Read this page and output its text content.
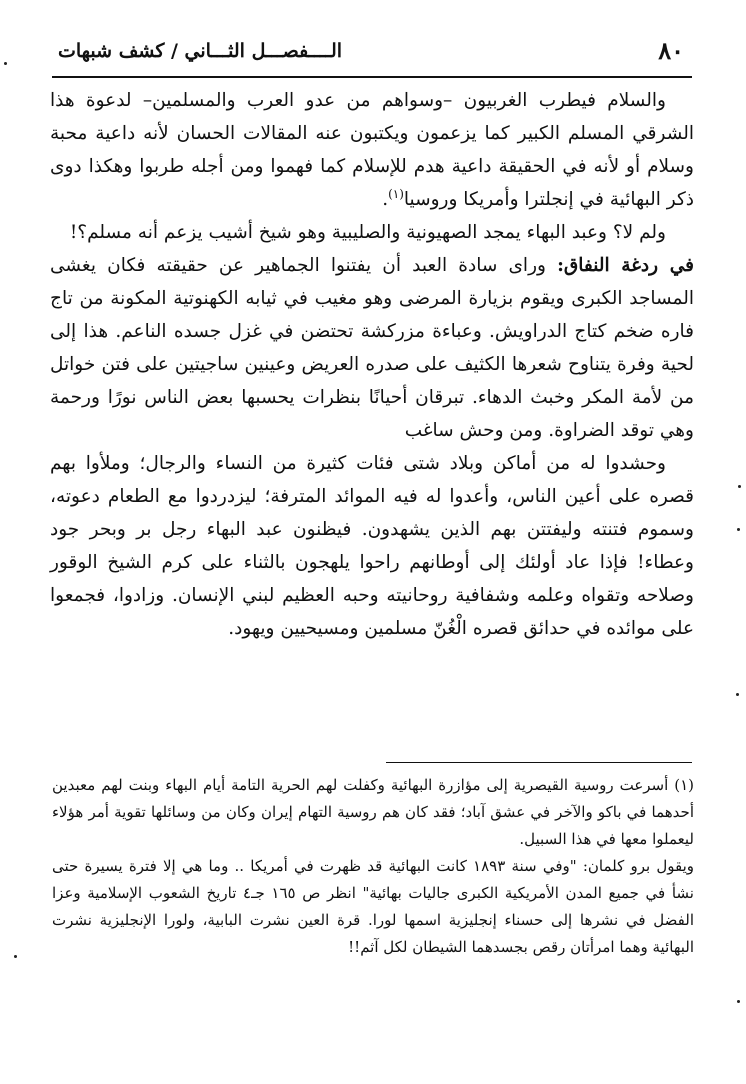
٨٠
الــــفصـــل الثـــاني / كشف شبهات

والسلام فيطرب الغربيون –وسواهم من عدو العرب والمسلمين– لدعوة هذا الشرقي المسلم الكبير كما يزعمون ويكتبون عنه المقالات الحسان لأنه داعية محبة وسلام أو لأنه في الحقيقة داعية هدم للإسلام كما فهموا ومن أجله طربوا وهكذا دوى ذكر البهائية في إنجلترا وأمريكا وروسيا$^{(١)}$.

ولم لا؟ وعبد البهاء يمجد الصهيونية والصليبية وهو شيخ أشيب يزعم أنه مسلم؟!

في ردغة النفاق: وراى سادة العبد أن يفتنوا الجماهير عن حقيقته فكان يغشى المساجد الكبرى ويقوم بزيارة المرضى وهو مغيب في ثيابه الكهنوتية المكونة من تاج فاره ضخم كتاج الدراويش. وعباءة مزركشة تحتضن في غزل جسده الناعم. هذا إلى لحية وفرة يتناوح شعرها الكثيف على صدره العريض وعينين ساجيتين على فتن خواتل من لأمة المكر وخبث الدهاء. تبرقان أحيانًا بنظرات يحسبها بعض الناس نورًا ورحمة وهي توقد الضراوة. ومن وحش ساغب

وحشدوا له من أماكن وبلاد شتى فئات كثيرة من النساء والرجال؛ وملأوا بهم قصره على أعين الناس، وأعدوا له فيه الموائد المترفة؛ ليزدردوا مع الطعام دعوته، وسموم فتنته وليفتتن بهم الذين يشهدون. فيظنون عبد البهاء رجل بر وبحر جود وعطاء! فإذا عاد أولئك إلى أوطانهم راحوا يلهجون بالثناء على كرم الشيخ الوقور وصلاحه وتقواه وعلمه وشفافية روحانيته وحبه العظيم لبني الإنسان. وزادوا، فجمعوا على موائده في حدائق قصره الْغُنّ مسلمين ومسيحيين ويهود.

(١) أسرعت روسية القيصرية إلى مؤازرة البهائية وكفلت لهم الحرية التامة أيام البهاء وبنت لهم معبدين أحدهما في باكو والآخر في عشق آباد؛ فقد كان هم روسية التهام إيران وكان من وسائلها تقوية أمر هؤلاء ليعملوا معها في هذا السبيل.

ويقول برو كلمان: "وفي سنة ١٨٩٣ كانت البهائية قد ظهرت في أمريكا .. وما هي إلا فترة يسيرة حتى نشأ في جميع المدن الأمريكية الكبرى جاليات بهائية" انظر ص ١٦٥ جـ٤ تاريخ الشعوب الإسلامية وعزا الفضل في نشرها إلى حسناء إنجليزية اسمها لورا. قرة العين نشرت البابية، ولورا الإنجليزية نشرت البهائية وهما امرأتان رقص بجسدهما الشيطان لكل آثم!!
